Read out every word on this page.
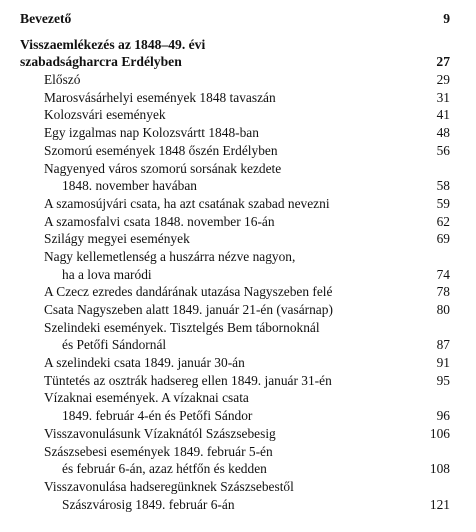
Bevezető	9
Visszaemlékezés az 1848–49. évi
szabadságharcra Erdélyben	27
Előszó	29
Marosvásárhelyi események 1848 tavaszán	31
Kolozsvári események	41
Egy izgalmas nap Kolozsvártt 1848-ban	48
Szomorú események 1848 őszén Erdélyben	56
Nagyenyed város szomorú sorsának kezdete
1848. november havában	58
A szamosújvári csata, ha azt csatának szabad nevezni	59
A szamosfalvi csata 1848. november 16-án	62
Szilágy megyei események	69
Nagy kellemetlenség a huszárra nézve nagyon,
ha a lova maródi	74
A Czecz ezredes dandárának utazása Nagyszeben felé	78
Csata Nagyszeben alatt 1849. január 21-én (vasárnap)	80
Szelindeki események. Tisztelgés Bem tábornoknál
és Petőfi Sándornál	87
A szelindeki csata 1849. január 30-án	91
Tüntetés az osztrák hadsereg ellen 1849. január 31-én	95
Vízaknai események. A vízaknai csata
1849. február 4-én és Petőfi Sándor	96
Visszavonulásunk Vízaknától Szászsebesig	106
Szászsebesi események 1849. február 5-én
és február 6-án, azaz hétfőn és kedden	108
Visszavonulása hadseregünknek Szászsebestől
Szászvárosig 1849. február 6-án	121
